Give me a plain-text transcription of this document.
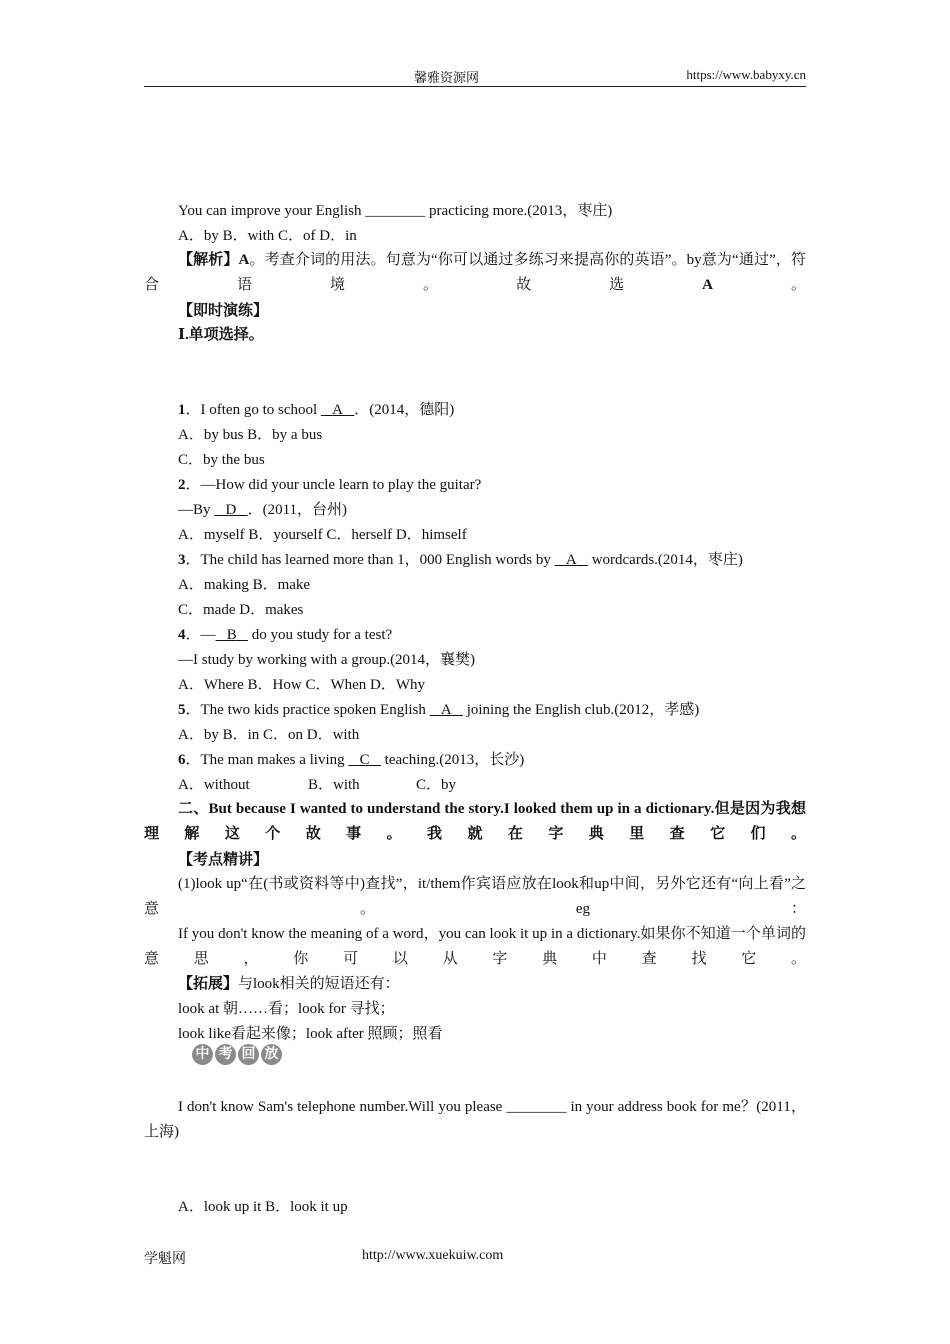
馨雅资源网	https://www.babyxy.cn
You can improve your English ________ practicing more.(2013，枣庄)
A．by B．with C．of D．in
【解析】A。考查介词的用法。句意为“你可以通过多练习来提高你的英语”。by意为“通过”，符合语境。故选A。
【即时演练】
Ⅰ.单项选择。
1．I often go to school    A ．(2014，德阳)
A．by bus B．by a bus
C．by the bus
2．—How did your uncle learn to play the guitar?
—By    D ．(2011，台州)
A．myself B．yourself C．herself D．himself
3．The child has learned more than 1，000 English words by    A    wordcards.(2014，枣庄)
A．making B．make
C．made D．makes
4．— B    do you study for a test?
—I study by working with a group.(2014，襄樊)
A．Where B．How C．When D．Why
5．The two kids practice spoken English    A    joining the English club.(2012，孝感)
A．by B．in C．on D．with
6．The man makes a living    C    teaching.(2013，长沙)
A．without	B．with	C．by
二、But because I wanted to understand the story.I looked them up in a dictionary.但是因为我想理解这个故事。我就在字典里查它们。
【考点精讲】
(1)look up“在(书或资料等中)查找”，it/them作宾语应放在look和up中间，另外它还有“向上看”之意。eg：
If you don't know the meaning of a word，you can look it up in a dictionary.如果你不知道一个单词的意思，你可以从字典中查找它。
【拓展】与look相关的短语还有：
look at 朝……看；look for 寻找；
look like看起来像；look after 照顾；照看
中 考 回 放
I don't know Sam's telephone number.Will you please ________ in your address book for me？(2011，上海)
A．look up it B．look it up
学魁网	http://www.xuekuiw.com
